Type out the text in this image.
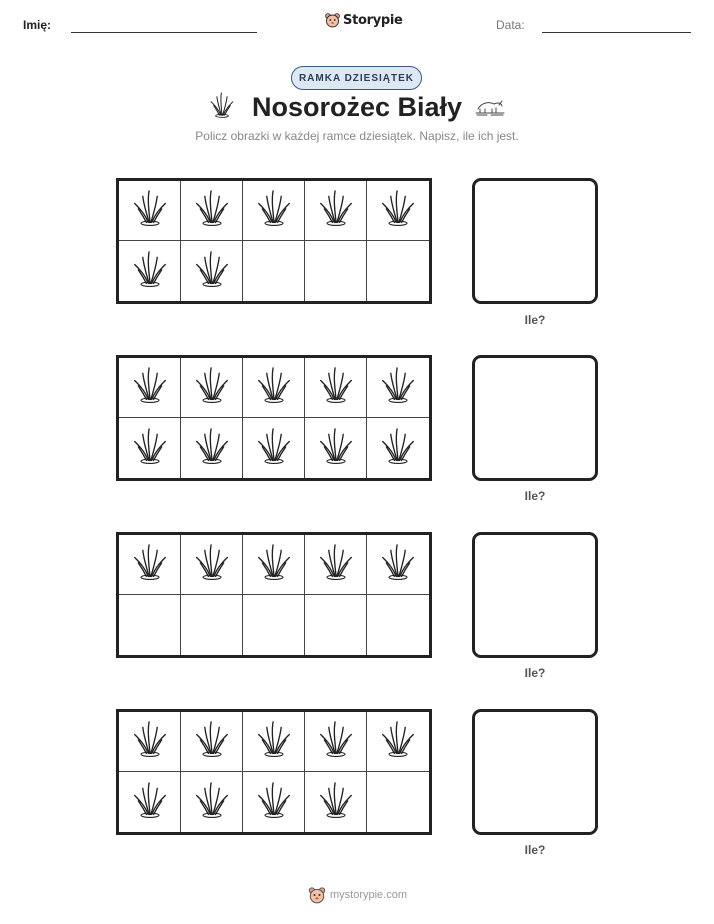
Imię:	Storypie	Data:
RAMKA DZIESIĄTEK
Nosorożec Biały
Policz obrazki w każdej ramce dziesiątek. Napisz, ile ich jest.
Ile?
Ile?
Ile?
Ile?
mystorypie.com
